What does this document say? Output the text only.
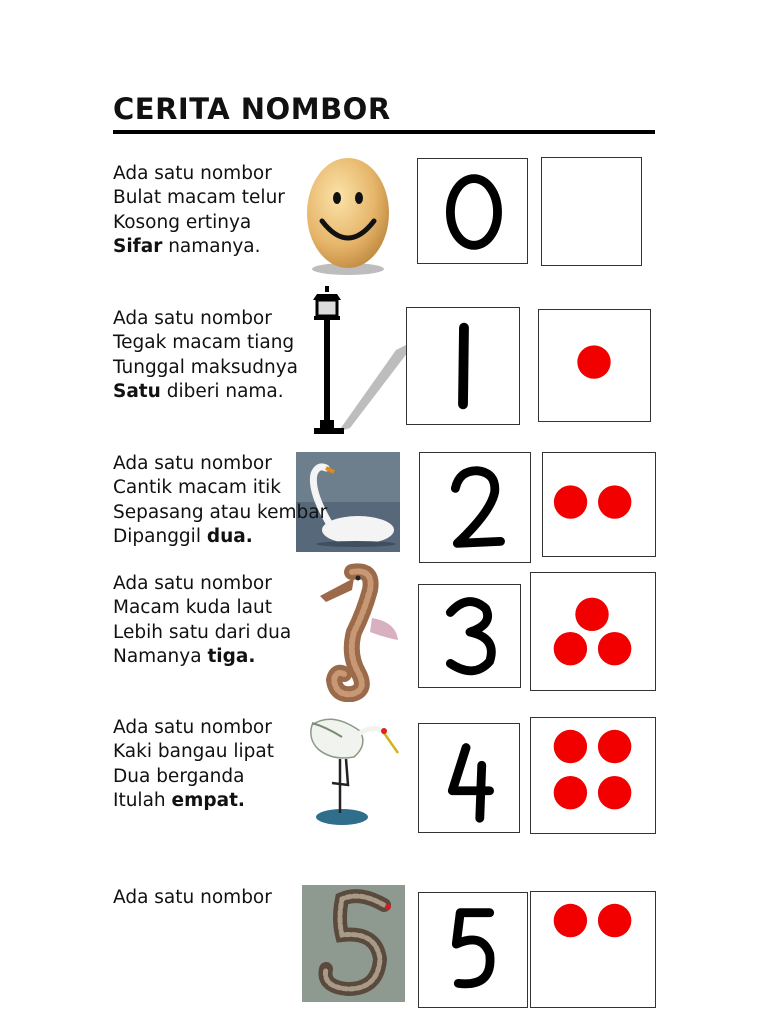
CERITA NOMBOR
Ada satu nombor
Bulat macam telur
Kosong ertinya
Sifar namanya.
Ada satu nombor
Tegak macam tiang
Tunggal maksudnya
Satu diberi nama.
Ada satu nombor
Cantik macam itik
Sepasang atau kembar
Dipanggil dua.
Ada satu nombor
Macam kuda laut
Lebih satu dari dua
Namanya tiga.
Ada satu nombor
Kaki bangau lipat
Dua berganda
Itulah empat.
Ada satu nombor
